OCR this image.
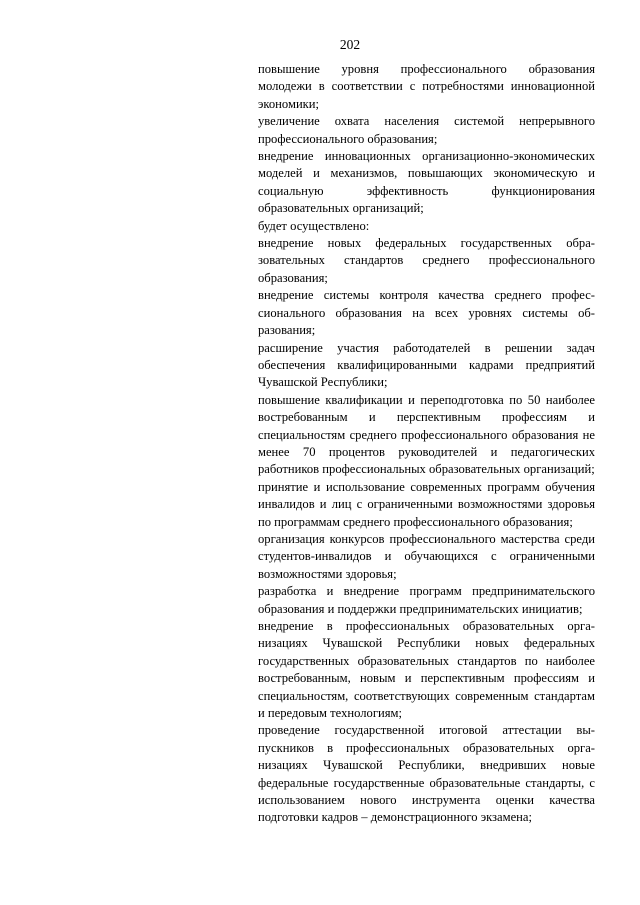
202

повышение уровня профессионального образования молодежи в соответствии с потребностями инновационной экономики;

увеличение охвата населения системой непрерывного профессионального образования;

внедрение инновационных организационно-экономических моделей и механизмов, повышающих экономическую и социальную эффективность функционирования образовательных организаций;

будет осуществлено:

внедрение новых федеральных государственных образовательных стандартов среднего профессионального образования;

внедрение системы контроля качества среднего профессионального образования на всех уровнях системы образования;

расширение участия работодателей в решении задач обеспечения квалифицированными кадрами предприятий Чувашской Республики;

повышение квалификации и переподготовка по 50 наиболее востребованным и перспективным профессиям и специальностям среднего профессионального образования не менее 70 процентов руководителей и педагогических работников профессиональных образовательных организаций;

принятие и использование современных программ обучения инвалидов и лиц с ограниченными возможностями здоровья по программам среднего профессионального образования;

организация конкурсов профессионального мастерства среди студентов-инвалидов и обучающихся с ограниченными возможностями здоровья;

разработка и внедрение программ предпринимательского образования и поддержки предпринимательских инициатив;

внедрение в профессиональных образовательных организациях Чувашской Республики новых федеральных государственных образовательных стандартов по наиболее востребованным, новым и перспективным профессиям и специальностям, соответствующих современным стандартам и передовым технологиям;

проведение государственной итоговой аттестации выпускников в профессиональных образовательных организациях Чувашской Республики, внедривших новые федеральные государственные образовательные стандарты, с использованием нового инструмента оценки качества подготовки кадров – демонстрационного экзамена;
